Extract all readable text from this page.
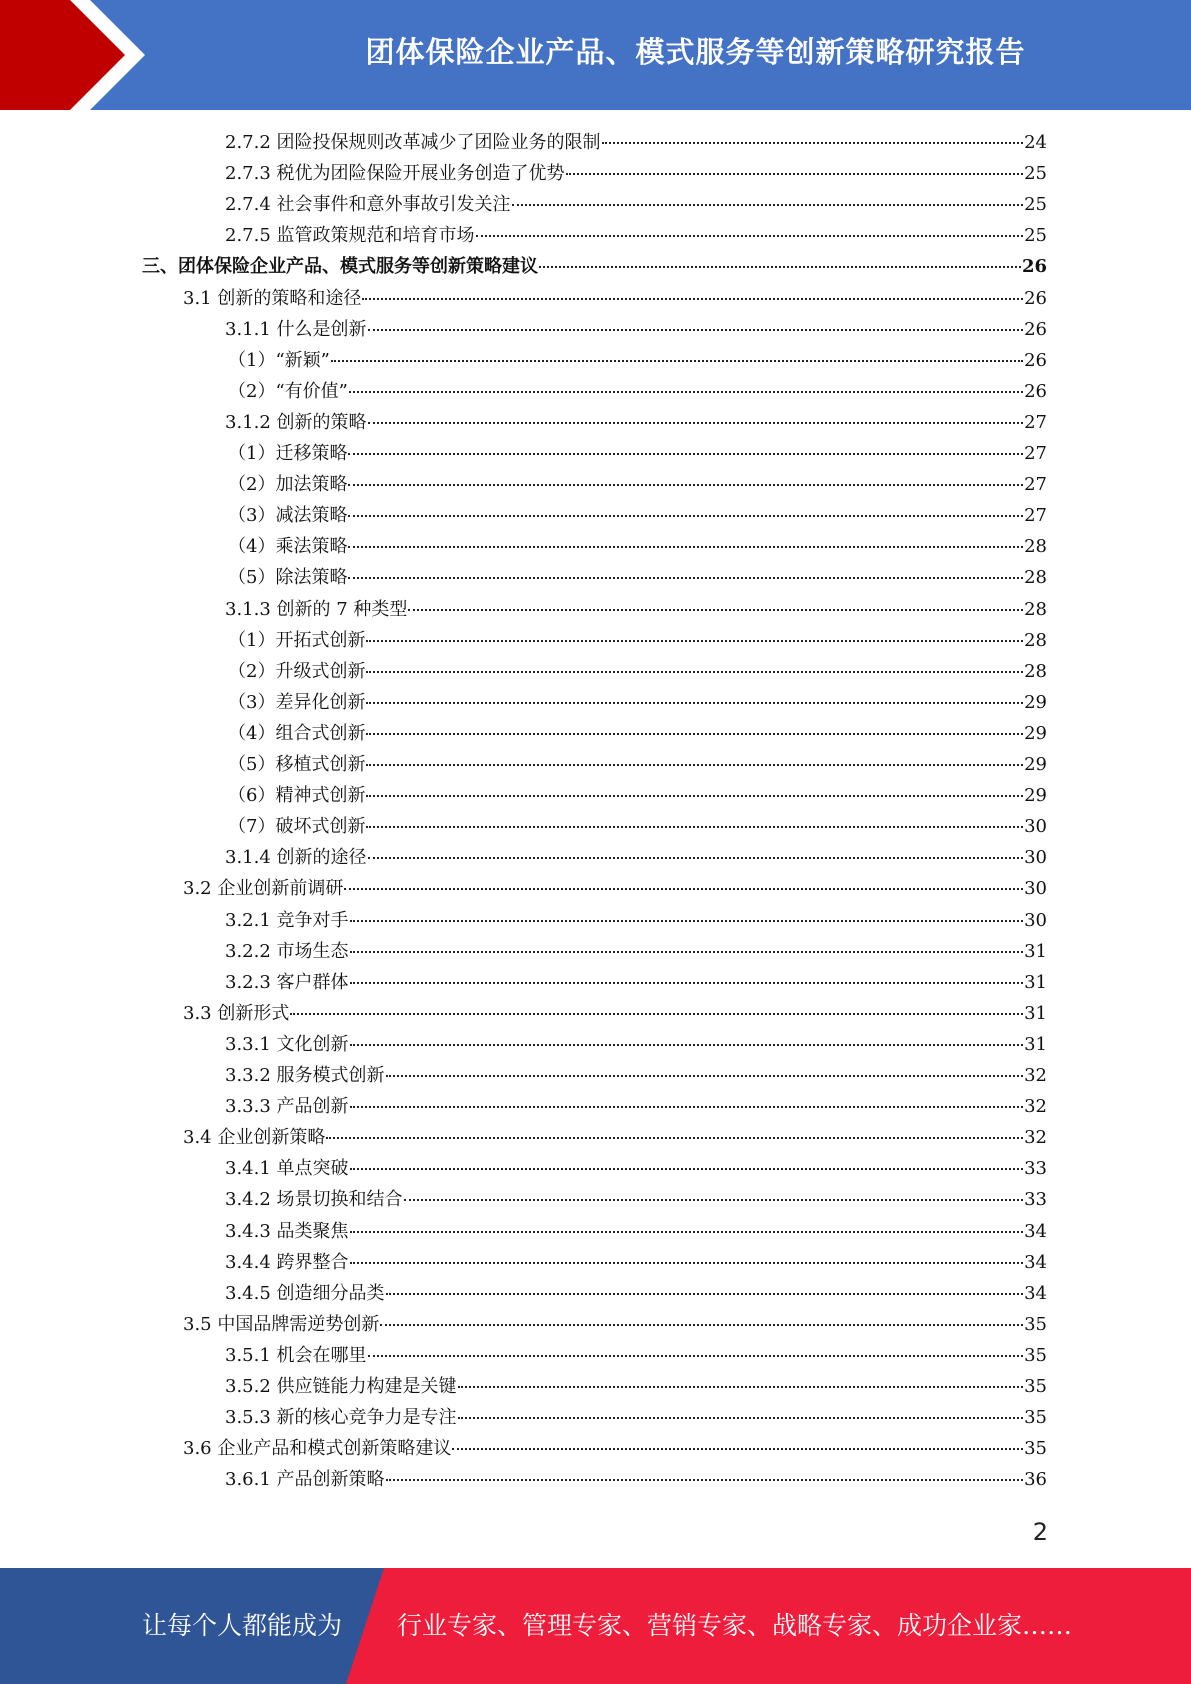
团体保险企业产品、模式服务等创新策略研究报告
2.7.2 团险投保规则改革减少了团险业务的限制	24
2.7.3 税优为团险保险开展业务创造了优势	25
2.7.4 社会事件和意外事故引发关注	25
2.7.5 监管政策规范和培育市场	25
三、团体保险企业产品、模式服务等创新策略建议	26
3.1 创新的策略和途径	26
3.1.1 什么是创新	26
（1）“新颖”	26
（2）“有价值”	26
3.1.2 创新的策略	27
（1）迁移策略	27
（2）加法策略	27
（3）减法策略	27
（4）乘法策略	28
（5）除法策略	28
3.1.3 创新的 7 种类型	28
（1）开拓式创新	28
（2）升级式创新	28
（3）差异化创新	29
（4）组合式创新	29
（5）移植式创新	29
（6）精神式创新	29
（7）破坏式创新	30
3.1.4 创新的途径	30
3.2 企业创新前调研	30
3.2.1 竞争对手	30
3.2.2 市场生态	31
3.2.3 客户群体	31
3.3 创新形式	31
3.3.1 文化创新	31
3.3.2 服务模式创新	32
3.3.3 产品创新	32
3.4 企业创新策略	32
3.4.1 单点突破	33
3.4.2 场景切换和结合	33
3.4.3 品类聚焦	34
3.4.4 跨界整合	34
3.4.5 创造细分品类	34
3.5 中国品牌需逆势创新	35
3.5.1 机会在哪里	35
3.5.2 供应链能力构建是关键	35
3.5.3 新的核心竞争力是专注	35
3.6 企业产品和模式创新策略建议	35
3.6.1 产品创新策略	36
2
让每个人都能成为 行业专家、管理专家、营销专家、战略专家、成功企业家……
